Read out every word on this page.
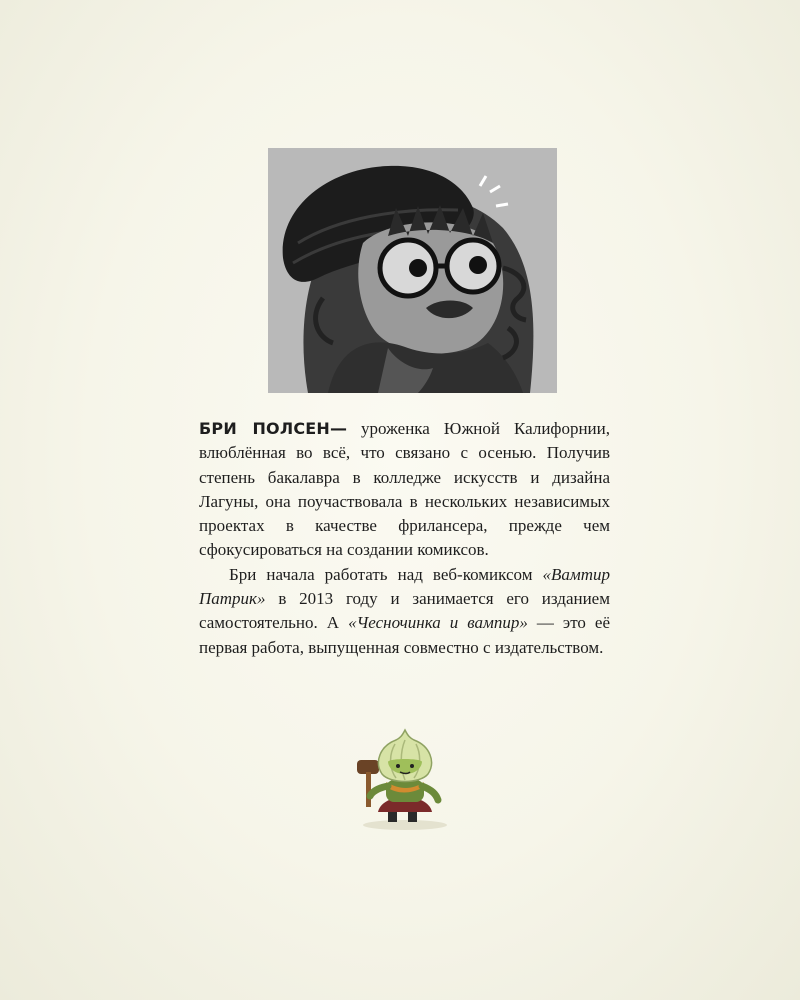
БРИ ПОЛСЕН— уроженка Южной Калифорнии, влюблённая во всё, что связано с осенью. Получив степень бакалавра в колледже искусств и дизайна Лагуны, она поучаствовала в нескольких независимых проектах в качестве фрилансера, прежде чем сфокусироваться на создании комиксов.

Бри начала работать над веб-комиксом «Вамтир Патрик» в 2013 году и занимается его изданием самостоятельно. А «Чесночинка и вампир» — это её первая работа, выпущенная совместно с издательством.
